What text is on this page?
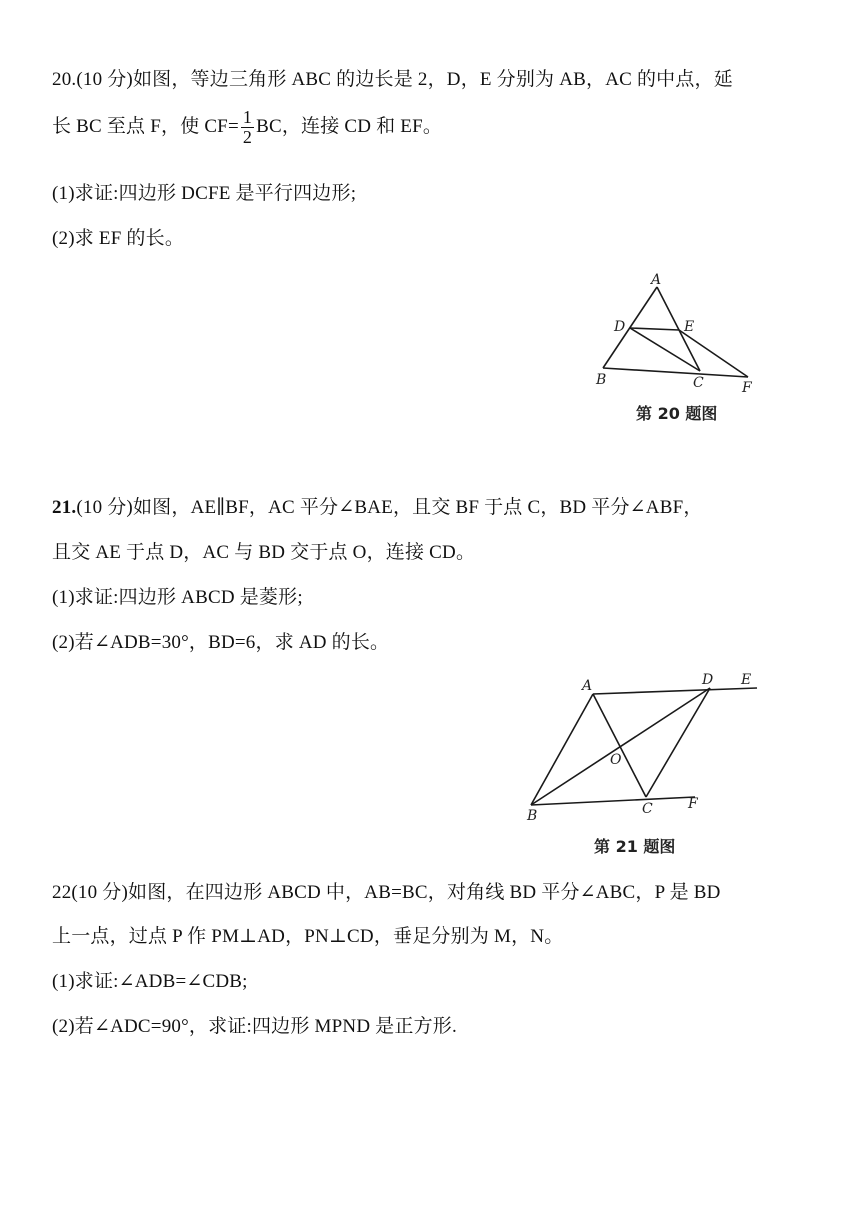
20.(10 分)如图，等边三角形 ABC 的边长是 2，D，E 分别为 AB，AC 的中点，延
长 BC 至点 F，使 $CF= \frac{1}{2}$ BC，连接 CD 和 EF。
(1)求证:四边形 DCFE 是平行四边形;
(2)求 EF 的长。
A
B	C
D	E
F
第 20 题图
21.(10 分)如图，AE∥BF，AC 平分∠BAE，且交 BF 于点 C，BD 平分∠ABF，
且交 AE 于点 D，AC 与 BD 交于点 O，连接 CD。
(1)求证:四边形 ABCD 是菱形;
(2)若∠ADB=30°，BD=6，求 AD 的长。
A
B	C
D E
F
O
第 21 题图
22(10 分)如图，在四边形 ABCD 中，AB=BC，对角线 BD 平分∠ABC，P 是 BD
上一点，过点 P 作 PM⊥AD，PN⊥CD，垂足分别为 M，N。
(1)求证:∠ADB=∠CDB;
(2)若∠ADC=90°，求证:四边形 MPND 是正方形.
